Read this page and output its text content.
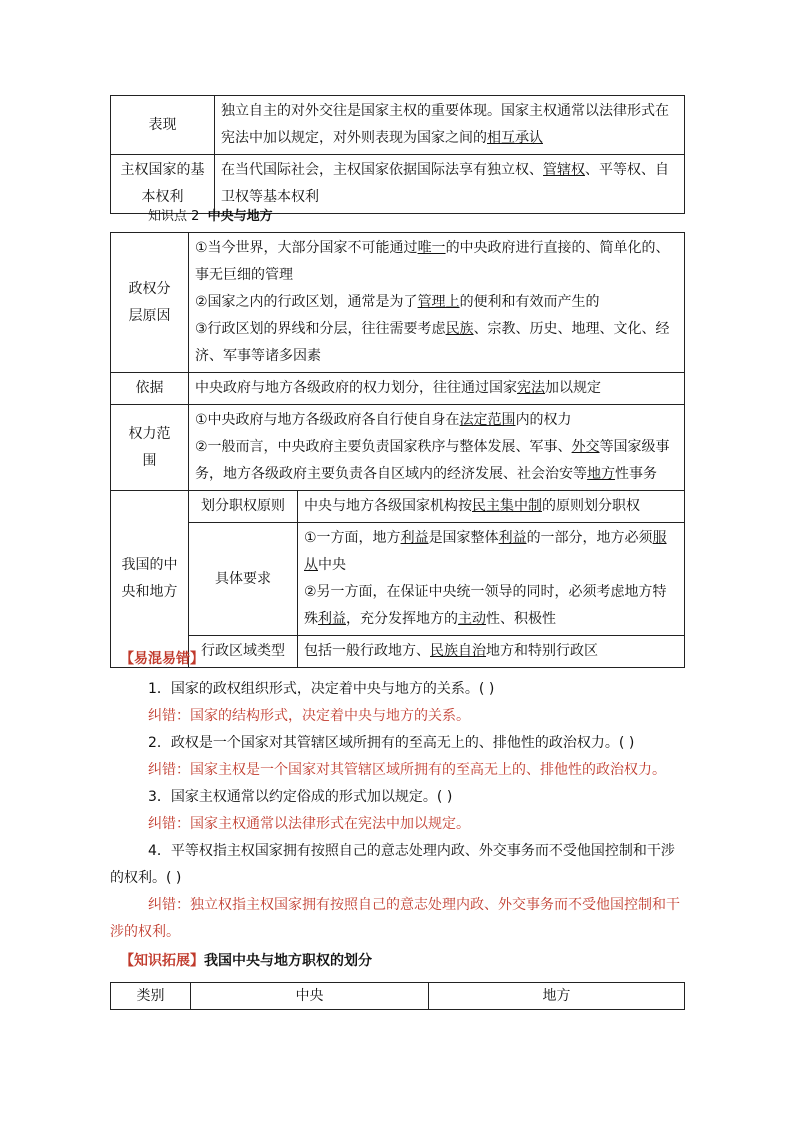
表现	独立自主的对外交往是国家主权的重要体现。国家主权通常以法律形式在宪法中加以规定，对外则表现为国家之间的相互承认
主权国家的基本权利	在当代国际社会，主权国家依据国际法享有独立权、管辖权、平等权、自卫权等基本权利
知识点 2 中央与地方
政权分层原因	①当今世界，大部分国家不可能通过唯一的中央政府进行直接的、简单化的、事无巨细的管理
②国家之内的行政区划，通常是为了管理上的便利和有效而产生的
③行政区划的界线和分层，往往需要考虑民族、宗教、历史、地理、文化、经济、军事等诸多因素	

依据	中央政府与地方各级政府的权力划分，往往通过国家宪法加以规定	
权力范围	①中央政府与地方各级政府各自行使自身在法定范围内的权力
②一般而言，中央政府主要负责国家秩序与整体发展、军事、外交等国家级事务，地方各级政府主要负责各自区域内的经济发展、社会治安等地方性事务	

我国的中央和地方	划分职权原则	中央与地方各级国家机构按民主集中制的原则划分职权
	具体要求	①一方面，地方利益是国家整体利益的一部分，地方必须服从中央
②另一方面，在保证中央统一领导的同时，必须考虑地方特殊利益，充分发挥地方的主动性、积极性

	行政区域类型	包括一般行政地方、民族自治地方和特别行政区
【易混易错】
1．国家的政权组织形式，决定着中央与地方的关系。( )
纠错：国家的结构形式，决定着中央与地方的关系。
2．政权是一个国家对其管辖区域所拥有的至高无上的、排他性的政治权力。( )
纠错：国家主权是一个国家对其管辖区域所拥有的至高无上的、排他性的政治权力。
3．国家主权通常以约定俗成的形式加以规定。( )
纠错：国家主权通常以法律形式在宪法中加以规定。
4．平等权指主权国家拥有按照自己的意志处理内政、外交事务而不受他国控制和干涉的权利。( )
纠错：独立权指主权国家拥有按照自己的意志处理内政、外交事务而不受他国控制和干涉的权利。
【知识拓展】我国中央与地方职权的划分
类别	中央	地方
